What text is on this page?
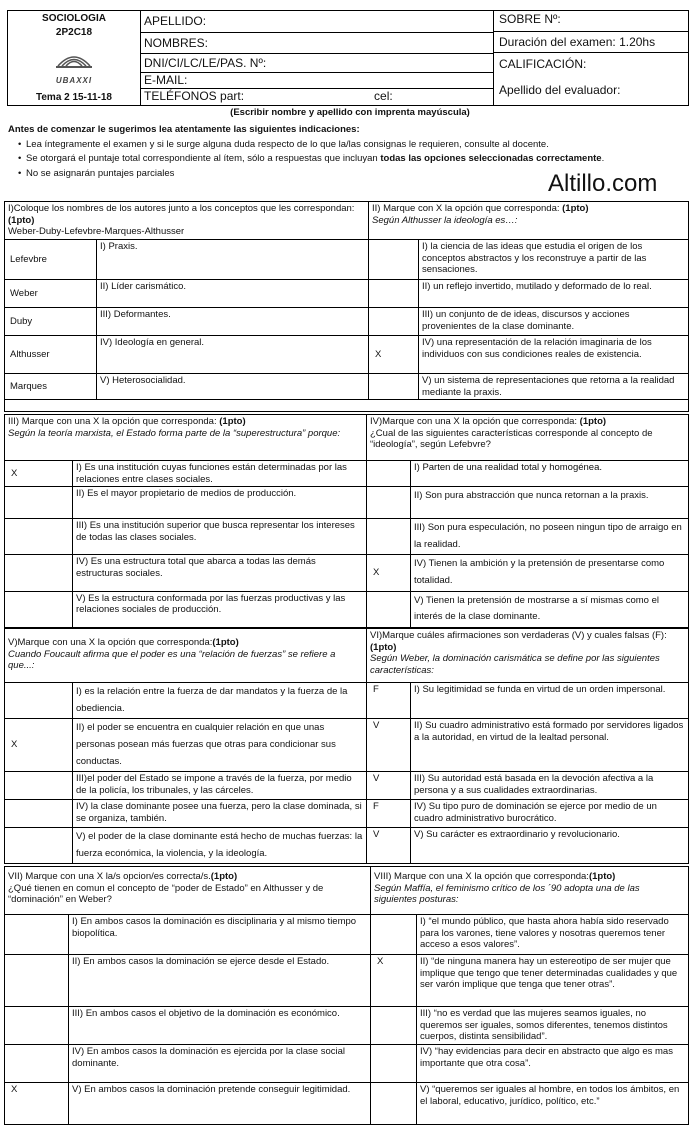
SOCIOLOGIA
2P2C18
UBAXXI
Tema 2 15-11-18
APELLIDO:
NOMBRES:
DNI/CI/LC/LE/PAS. Nº:
E-MAIL:
TELÉFONOS part:	cel:
SOBRE Nº:
Duración del examen: 1.20hs
CALIFICACIÓN:
Apellido del evaluador:
(Escribir nombre y apellido con imprenta mayúscula)
Antes de comenzar le sugerimos lea atentamente las siguientes indicaciones:
• Lea íntegramente el examen y si le surge alguna duda respecto de lo que la/las consignas le requieren, consulte al docente.
• Se otorgará el puntaje total correspondiente al ítem, sólo a respuestas que incluyan todas las opciones seleccionadas correctamente.
• No se asignarán puntajes parciales	Altillo.com
I)Coloque los nombres de los autores junto a los conceptos que les correspondan:(1pto)
Weber-Duby-Lefevbre-Marques-Althusser		II) Marque con X la opción que corresponda: (1pto)
Según Althusser la ideología es…:	
Lefevbre	I) Praxis.		I) la ciencia de las ideas que estudia el origen de los conceptos abstractos y los reconstruye a partir de las sensaciones.
Weber	II) Líder carismático.		II) un reflejo invertido, mutilado y deformado de lo real.
Duby	III) Deformantes.		III) un conjunto de de ideas, discursos y acciones provenientes de la clase dominante.
Althusser	IV) Ideología en general.	X	IV) una representación de la relación imaginaria de los individuos con sus condiciones reales de existencia.
Marques	V) Heterosocialidad.		V) un sistema de representaciones que retorna a la realidad mediante la praxis.

III) Marque con una X la opción que corresponda: (1pto)
Según la teoría marxista, el Estado forma parte de la “superestructura” porque:		IV)Marque con una X la opción que corresponda: (1pto)
¿Cual de las siguientes características corresponde al concepto de “ideología”, según Lefebvre?	
X	I) Es una institución cuyas funciones están determinadas por las relaciones entre clases sociales.		I) Parten de una realidad total y homogénea.
	II) Es el mayor propietario de medios de producción.		II) Son pura abstracción que nunca retornan a la praxis.
	III) Es una institución superior que busca representar los intereses de todas las clases sociales.		III) Son pura especulación, no poseen ningun tipo de arraigo en la realidad.
	IV) Es una estructura total que abarca a todas las demás estructuras sociales.	X	IV) Tienen la ambición y la pretensión de presentarse como totalidad.
	V) Es la estructura conformada por las fuerzas productivas y las relaciones sociales de producción.		V) Tienen la pretensión de mostrarse a sí mismas como el interés de la clase dominante.
V)Marque con una X la opción que corresponda:(1pto)
Cuando Foucault afirma que el poder es una “relación de fuerzas” se refiere a que...:		VI)Marque cuáles afirmaciones son verdaderas (V) y cuales falsas (F):(1pto)
Según Weber, la dominación carismática se define por las siguientes características:	
	I) es la relación entre la fuerza de dar mandatos y la fuerza de la obediencia.	F	I) Su legitimidad se funda en virtud de un orden impersonal.
X	II) el poder se encuentra en cualquier relación en que unas personas posean más fuerzas que otras para condicionar sus conductas.	V	II) Su cuadro administrativo está formado por servidores ligados a la autoridad, en virtud de la lealtad personal.
	III)el poder del Estado se impone a través de la fuerza, por medio de la policía, los tribunales, y las cárceles.	V	III) Su autoridad está basada en la devoción afectiva a la persona y a sus cualidades extraordinarias.
	IV) la clase dominante posee una fuerza, pero la clase dominada, si se organiza, también.	F	IV) Su tipo puro de dominación se ejerce por medio de un cuadro administrativo burocrático.
	V) el poder de la clase dominante está hecho de muchas fuerzas: la fuerza económica, la violencia, y la ideología.	V	V) Su carácter es extraordinario y revolucionario.
VII) Marque con una X la/s opcion/es correcta/s.(1pto)
¿Qué tienen en comun el concepto de “poder de Estado” en Althusser y de “dominación” en Weber?		VIII) Marque con una X la opción que corresponda:(1pto)
Según Maffía, el feminismo crítico de los ´90 adopta una de las siguientes posturas:	
	I) En ambos casos la dominación es disciplinaria y al mismo tiempo biopolítica.		I) “el mundo público, que hasta ahora había sido reservado para los varones, tiene valores y nosotras queremos tener acceso a esos valores”.
	II) En ambos casos la dominación se ejerce desde el Estado.	X	II) “de ninguna manera hay un estereotipo de ser mujer que implique que tengo que tener determinadas cualidades y que ser varón implique que tenga que tener otras”.
	III) En ambos casos el objetivo de la dominación es económico.		III) “no es verdad que las mujeres seamos iguales, no queremos ser iguales, somos diferentes, tenemos distintos cuerpos, distinta sensibilidad”.
	IV) En ambos casos la dominación es ejercida por la clase social dominante.		IV) “hay evidencias para decir en abstracto que algo es mas importante que otra cosa”.
X	V) En ambos casos la dominación pretende conseguir legitimidad.		V) “queremos ser iguales al hombre, en todos los ámbitos, en el laboral, educativo, jurídico, político, etc.”
